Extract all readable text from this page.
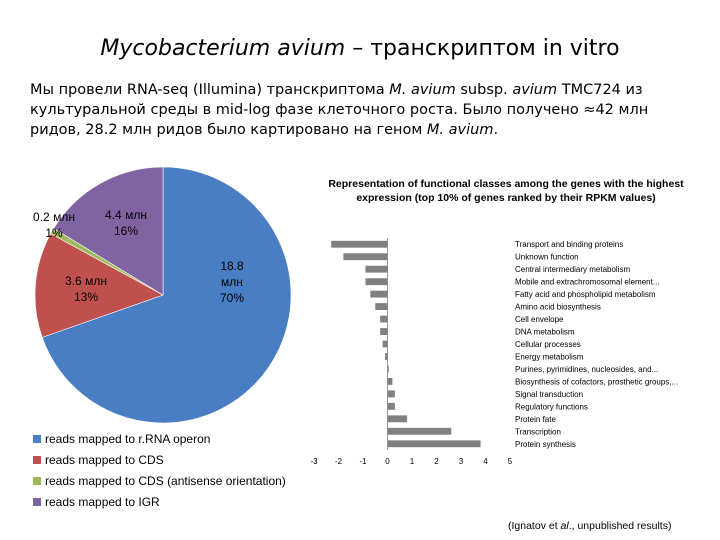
Mycobacterium avium – транскриптом in vitro
Мы провели RNA-seq (Illumina) транскриптома M. avium subsp. avium TMC724 из культуральной среды в mid-log фазе клеточного роста. Было получено ≈42 млн ридов, 28.2 млн ридов было картировано на геном M. avium.
Transport and binding proteins
Unknown function
Central intermediary metabolism
Mobile and extrachromosomal element...
Fatty acid and phospholipid metabolism
Amino acid biosynthesis
Cell envelope
DNA metabolism
Cellular processes
Energy metabolism
Purines, pyrimidines, nucleosides, and...
Biosynthesis of cofactors, prosthetic groups,...
Signal transduction
Regulatory functions
Protein fate
Transcription
Protein synthesis
-3 -2 -1 0	1	2	3	4	5
Representation of functional classes among the genes with the highest expression (top 10% of genes ranked by their RPKM values)
0.2 млн
1%
4.4 млн
16%
3.6 млн
13%
18.8
млн
70%
reads mapped to r.RNA operon
reads mapped to CDS
reads mapped to CDS (antisense orientation)
reads mapped to IGR
(Ignatov et al., unpublished results)
